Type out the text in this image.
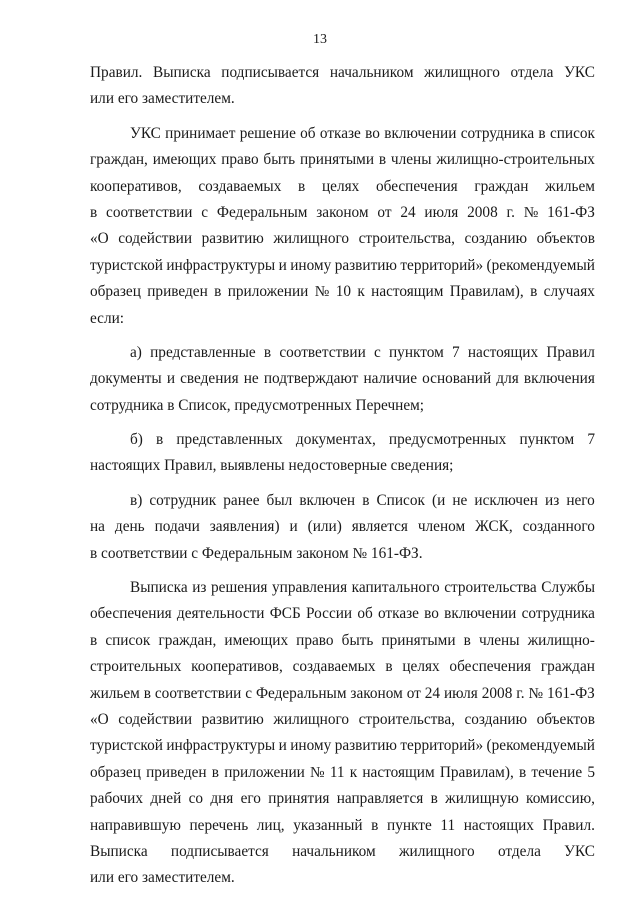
13
Правил. Выписка подписывается начальником жилищного отдела УКС
или его заместителем.
УКС принимает решение об отказе во включении сотрудника в список
граждан, имеющих право быть принятыми в члены жилищно-строительных
кооперативов, создаваемых в целях обеспечения граждан жильем
в соответствии с Федеральным законом от 24 июля 2008 г. № 161-ФЗ
«О содействии развитию жилищного строительства, созданию объектов
туристской инфраструктуры и иному развитию территорий» (рекомендуемый
образец приведен в приложении № 10 к настоящим Правилам), в случаях
если:
а) представленные в соответствии с пунктом 7 настоящих Правил
документы и сведения не подтверждают наличие оснований для включения
сотрудника в Список, предусмотренных Перечнем;
б) в представленных документах, предусмотренных пунктом 7
настоящих Правил, выявлены недостоверные сведения;
в) сотрудник ранее был включен в Список (и не исключен из него
на день подачи заявления) и (или) является членом ЖСК, созданного
в соответствии с Федеральным законом № 161-ФЗ.
Выписка из решения управления капитального строительства Службы
обеспечения деятельности ФСБ России об отказе во включении сотрудника
в список граждан, имеющих право быть принятыми в члены жилищно-
строительных кооперативов, создаваемых в целях обеспечения граждан
жильем в соответствии с Федеральным законом от 24 июля 2008 г. № 161-ФЗ
«О содействии развитию жилищного строительства, созданию объектов
туристской инфраструктуры и иному развитию территорий» (рекомендуемый
образец приведен в приложении № 11 к настоящим Правилам), в течение 5
рабочих дней со дня его принятия направляется в жилищную комиссию,
направившую перечень лиц, указанный в пункте 11 настоящих Правил.
Выписка подписывается начальником жилищного отдела УКС
или его заместителем.
